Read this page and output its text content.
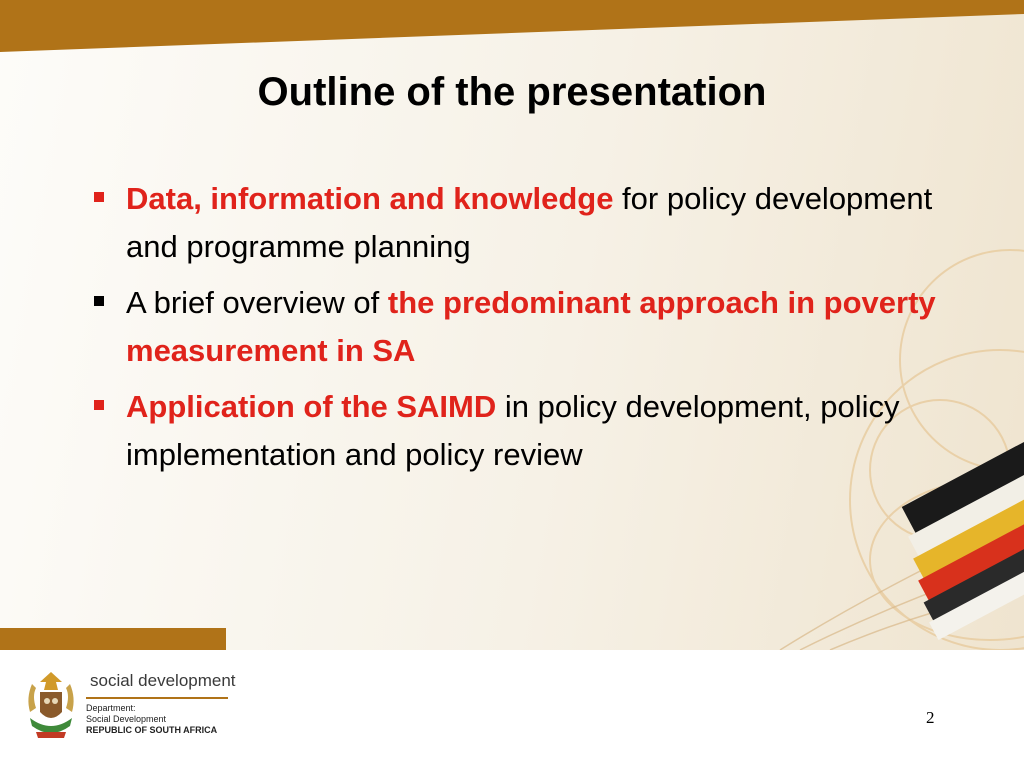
Outline of the presentation
Data, information and knowledge for policy development and programme planning
A brief overview of the predominant approach in poverty measurement in SA
Application of the SAIMD in policy development, policy implementation and policy review
social development
Department:
Social Development
REPUBLIC OF SOUTH AFRICA
2
